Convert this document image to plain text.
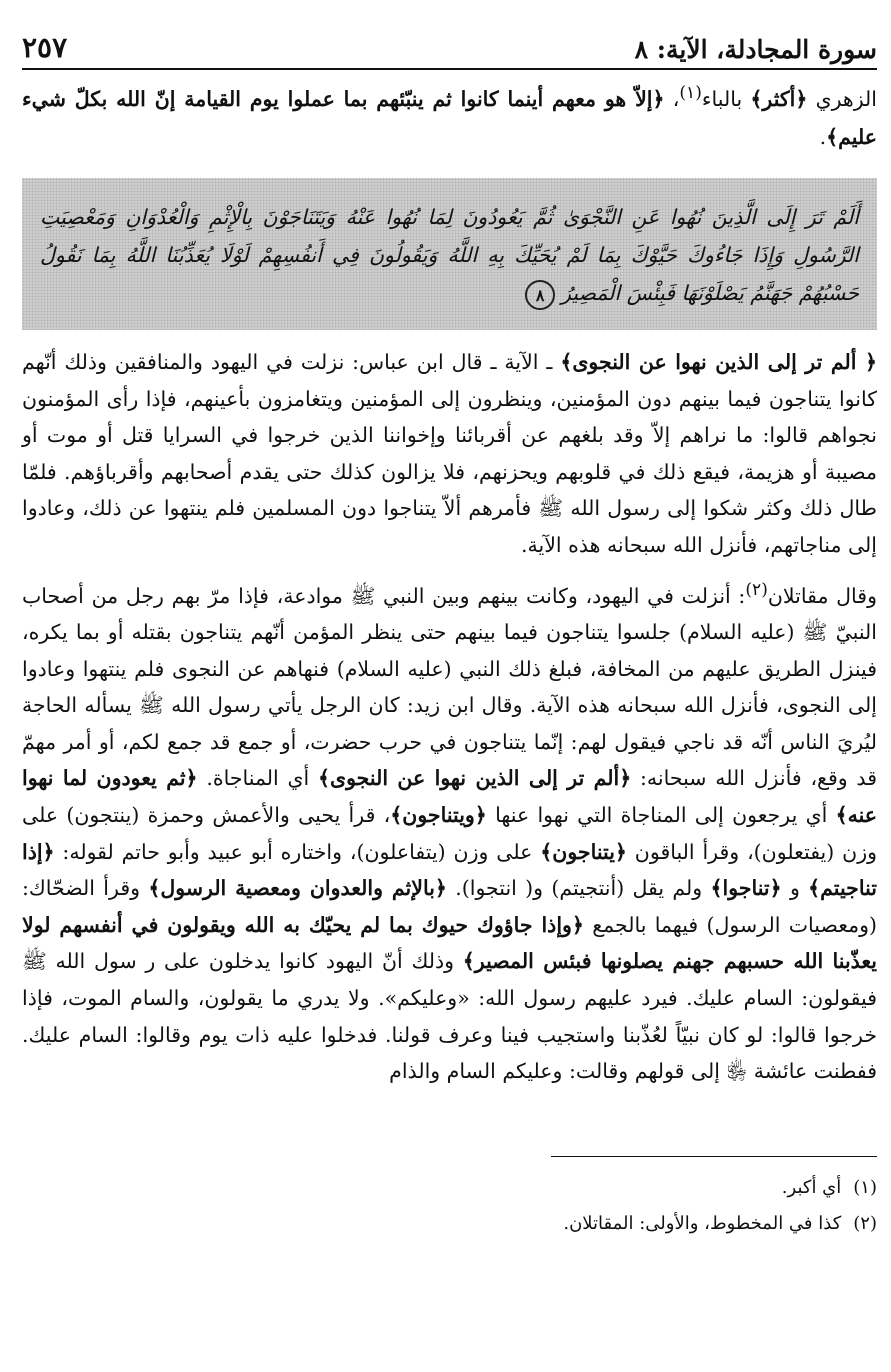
سورة المجادلة، الآية: ٨
٢٥٧
الزهري ﴿أكثر﴾ بالباء$^{(١)}$، ﴿إلاّ هو معهم أينما كانوا ثم ينبّئهم بما عملوا يوم القيامة إنّ الله بكلّ شيء عليم﴾.
أَلَمْ تَرَ إِلَى الَّذِينَ نُهُوا عَنِ النَّجْوَىٰ ثُمَّ يَعُودُونَ لِمَا نُهُوا عَنْهُ وَيَتَنَاجَوْنَ بِالْإِثْمِ وَالْعُدْوَانِ وَمَعْصِيَتِ الرَّسُولِ وَإِذَا جَاءُوكَ حَيَّوْكَ بِمَا لَمْ يُحَيِّكَ بِهِ اللَّهُ وَيَقُولُونَ فِي أَنفُسِهِمْ لَوْلَا يُعَذِّبُنَا اللَّهُ بِمَا نَقُولُ حَسْبُهُمْ جَهَنَّمُ يَصْلَوْنَهَا فَبِئْسَ الْمَصِيرُ٨

﴿ ألم تر إلى الذين نهوا عن النجوى﴾ ـ الآية ـ قال ابن عباس: نزلت في اليهود والمنافقين وذلك أنّهم كانوا يتناجون فيما بينهم دون المؤمنين، وينظرون إلى المؤمنين ويتغامزون بأعينهم، فإذا رأى المؤمنون نجواهم قالوا: ما نراهم إلاّ وقد بلغهم عن أقربائنا وإخواننا الذين خرجوا في السرايا قتل أو موت أو مصيبة أو هزيمة، فيقع ذلك في قلوبهم ويحزنهم، فلا يزالون كذلك حتى يقدم أصحابهم وأقرباؤهم. فلمّا طال ذلك وكثر شكوا إلى رسول الله ﷺ فأمرهم ألاّ يتناجوا دون المسلمين فلم ينتهوا عن ذلك، وعادوا إلى مناجاتهم، فأنزل الله سبحانه هذه الآية.

وقال مقاتلان$^{(٢)}$: أنزلت في اليهود، وكانت بينهم وبين النبي ﷺ موادعة، فإذا مرّ بهم رجل من أصحاب النبيّ ﷺ (عليه السلام) جلسوا يتناجون فيما بينهم حتى ينظر المؤمن أنّهم يتناجون بقتله أو بما يكره، فينزل الطريق عليهم من المخافة، فبلغ ذلك النبي (عليه السلام) فنهاهم عن النجوى فلم ينتهوا وعادوا إلى النجوى، فأنزل الله سبحانه هذه الآية. وقال ابن زيد: كان الرجل يأتي رسول الله ﷺ يسأله الحاجة ليُريَ الناس أنّه قد ناجي فيقول لهم: إنّما يتناجون في حرب حضرت، أو جمع قد جمع لكم، أو أمر مهمّ قد وقع، فأنزل الله سبحانه: ﴿ألم تر إلى الذين نهوا عن النجوى﴾ أي المناجاة. ﴿ثم يعودون لما نهوا عنه﴾ أي يرجعون إلى المناجاة التي نهوا عنها ﴿ويتناجون﴾، قرأ يحيى والأعمش وحمزة (ينتجون) على وزن (يفتعلون)، وقرأ الباقون ﴿يتناجون﴾ على وزن (يتفاعلون)، واختاره أبو عبيد وأبو حاتم لقوله: ﴿إذا تناجيتم﴾ و ﴿تناجوا﴾ ولم يقل (أنتجيتم) و( انتجوا). ﴿بالإثم والعدوان ومعصية الرسول﴾ وقرأ الضحّاك: (ومعصيات الرسول) فيهما بالجمع ﴿وإذا جاؤوك حيوك بما لم يحيّك به الله ويقولون في أنفسهم لولا يعذّبنا الله حسبهم جهنم يصلونها فبئس المصير﴾ وذلك أنّ اليهود كانوا يدخلون على ر سول الله ﷺ فيقولون: السام عليك. فيرد عليهم رسول الله: «وعليكم». ولا يدري ما يقولون، والسام الموت، فإذا خرجوا قالوا: لو كان نبيّاً لعُذّبنا واستجيب فينا وعرف قولنا. فدخلوا عليه ذات يوم وقالوا: السام عليك. ففطنت عائشة ﵂ إلى قولهم وقالت: وعليكم السام والذام

(١)أي أكبر.

(٢)كذا في المخطوط، والأولى: المقاتلان.
